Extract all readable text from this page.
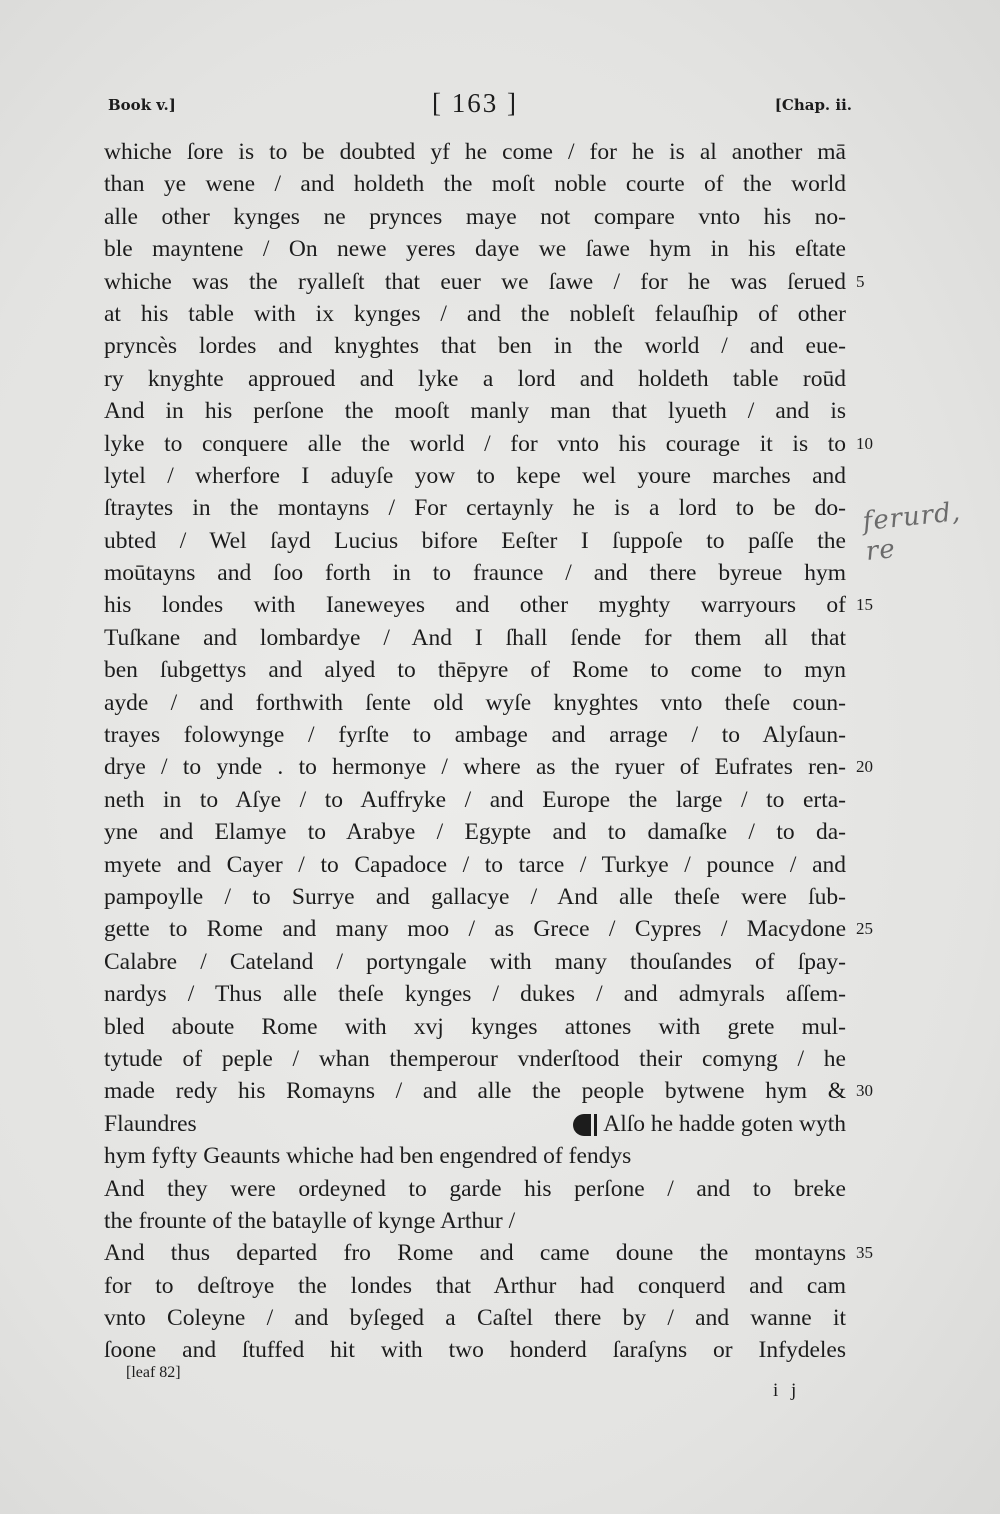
Book v.]	[ 163 ]	[Chap. ii.
whiche ſore is to be doubted yf he come / for he is al another mā
than ye wene / and holdeth the moſt noble courte of the world
alle other kynges ne prynces maye not compare vnto his no-
ble mayntene / On newe yeres daye we ſawe hym in his eſtate
whiche was the ryalleſt that euer we ſawe / for he was ſerued 5
at his table with ix kynges / and the nobleſt felauſhip of other
pryncès lordes and knyghtes that ben in the world / and eue-
ry knyghte approued and lyke a lord and holdeth table roūd
And in his perſone the mooſt manly man that lyueth / and is
lyke to conquere alle the world / for vnto his courage it is to 10
lytel / wherfore I aduyſe yow to kepe wel youre marches and
ſtraytes in the montayns / For certaynly he is a lord to be do-
ubted / Wel ſayd Lucius bifore Eeſter I ſuppoſe to paſſe the
moūtayns and ſoo forth in to fraunce / and there byreue hym
his londes with Ianeweyes and other myghty warryours of 15
Tuſkane and lombardye / And I ſhall ſende for them all that
ben ſubgettys and alyed to thēpyre of Rome to come to myn
ayde / and forthwith ſente old wyſe knyghtes vnto theſe coun-
trayes folowynge / fyrſte to ambage and arrage / to Alyſaun-
drye / to ynde . to hermonye / where as the ryuer of Eufrates ren- 20
neth in to Aſye / to Auffryke / and Europe the large / to erta-
yne and Elamye to Arabye / Egypte and to damaſke / to da-
myete and Cayer / to Capadoce / to tarce / Turkye / pounce / and
pampoylle / to Surrye and gallacye / And alle theſe were ſub-
gette to Rome and many moo / as Grece / Cypres / Macydone 25
Calabre / Cateland / portyngale with many thouſandes of ſpay-
nardys / Thus alle theſe kynges / dukes / and admyrals aſſem-
bled aboute Rome with xvj kynges attones with grete mul-
tytude of peple / whan themperour vnderſtood their comyng / he
made redy his Romayns / and alle the people bytwene hym & 30
Flaundres	Alſo he hadde goten wyth
hym fyfty Geaunts whiche had ben engendred of fendys
And they were ordeyned to garde his perſone / and to breke
the frounte of the bataylle of kynge Arthur /
And thus departed fro Rome and came doune the montayns 35
for to deſtroye the londes that Arthur had conquerd and cam
vnto Coleyne / and byſeged a Caſtel there by / and wanne it
ſoone and ſtuffed hit with two honderd ſaraſyns or Infydeles
ferurd, re
[leaf 82]
i j
